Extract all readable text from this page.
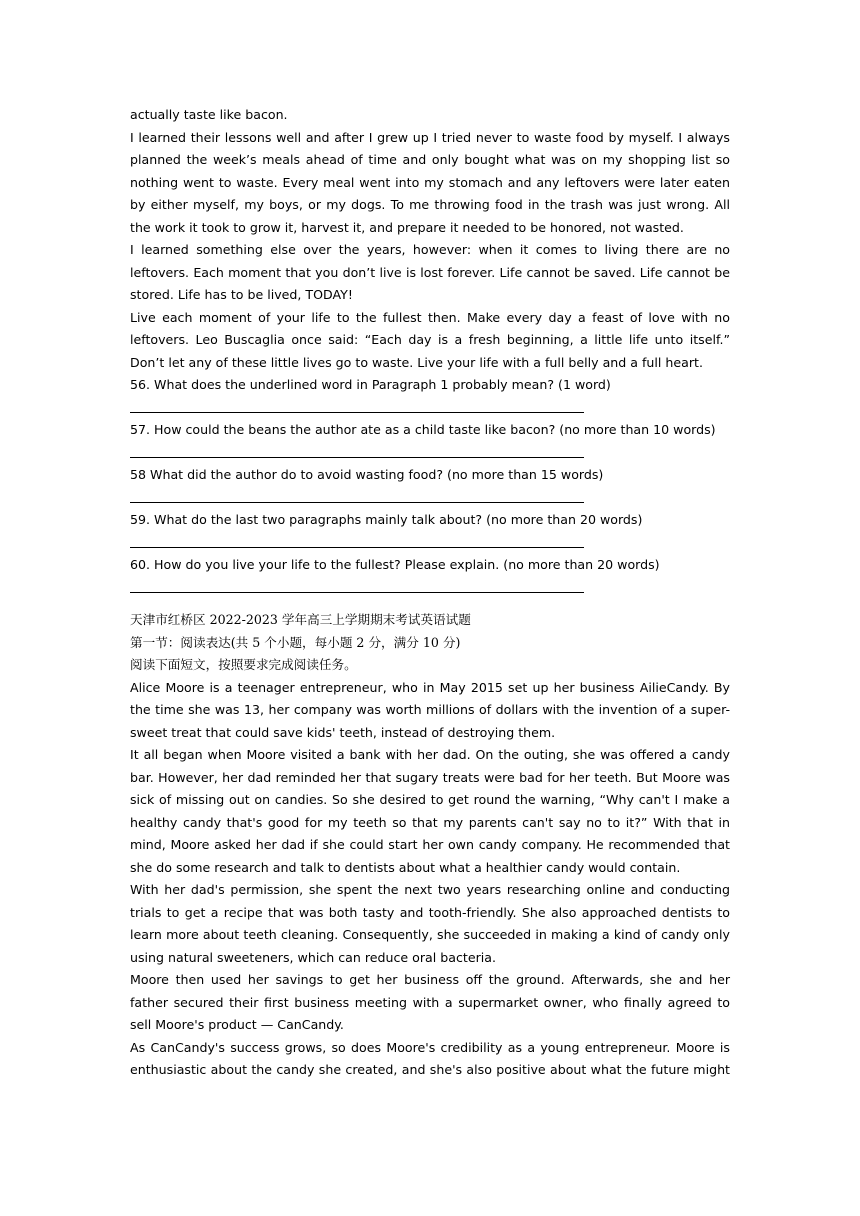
actually taste like bacon.

I learned their lessons well and after I grew up I tried never to waste food by myself. I always planned the week’s meals ahead of time and only bought what was on my shopping list so nothing went to waste. Every meal went into my stomach and any leftovers were later eaten by either myself, my boys, or my dogs. To me throwing food in the trash was just wrong. All the work it took to grow it, harvest it, and prepare it needed to be honored, not wasted.

I learned something else over the years, however: when it comes to living there are no leftovers. Each moment that you don’t live is lost forever. Life cannot be saved. Life cannot be stored. Life has to be lived, TODAY!

Live each moment of your life to the fullest then. Make every day a feast of love with no leftovers. Leo Buscaglia once said: “Each day is a fresh beginning, a little life unto itself.” Don’t let any of these little lives go to waste. Live your life with a full belly and a full heart.

56. What does the underlined word in Paragraph 1 probably mean? (1 word)
57. How could the beans the author ate as a child taste like bacon? (no more than 10 words)
58 What did the author do to avoid wasting food? (no more than 15 words)
59. What do the last two paragraphs mainly talk about? (no more than 20 words)
60. How do you live your life to the fullest? Please explain. (no more than 20 words)
天津市红桥区 2022-2023 学年高三上学期期末考试英语试题
第一节：阅读表达(共 5 个小题，每小题 2 分，满分 10 分)
阅读下面短文，按照要求完成阅读任务。

Alice Moore is a teenager entrepreneur, who in May 2015 set up her business AilieCandy. By the time she was 13, her company was worth millions of dollars with the invention of a super-sweet treat that could save kids' teeth, instead of destroying them.

It all began when Moore visited a bank with her dad. On the outing, she was offered a candy bar. However, her dad reminded her that sugary treats were bad for her teeth. But Moore was sick of missing out on candies. So she desired to get round the warning, “Why can't I make a healthy candy that's good for my teeth so that my parents can't say no to it?” With that in mind, Moore asked her dad if she could start her own candy company. He recommended that she do some research and talk to dentists about what a healthier candy would contain.

With her dad's permission, she spent the next two years researching online and conducting trials to get a recipe that was both tasty and tooth-friendly. She also approached dentists to learn more about teeth cleaning. Consequently, she succeeded in making a kind of candy only using natural sweeteners, which can reduce oral bacteria.

Moore then used her savings to get her business off the ground. Afterwards, she and her father secured their first business meeting with a supermarket owner, who finally agreed to sell Moore's product — CanCandy.

As CanCandy's success grows, so does Moore's credibility as a young entrepreneur. Moore is enthusiastic about the candy she created, and she's also positive about what the future might
